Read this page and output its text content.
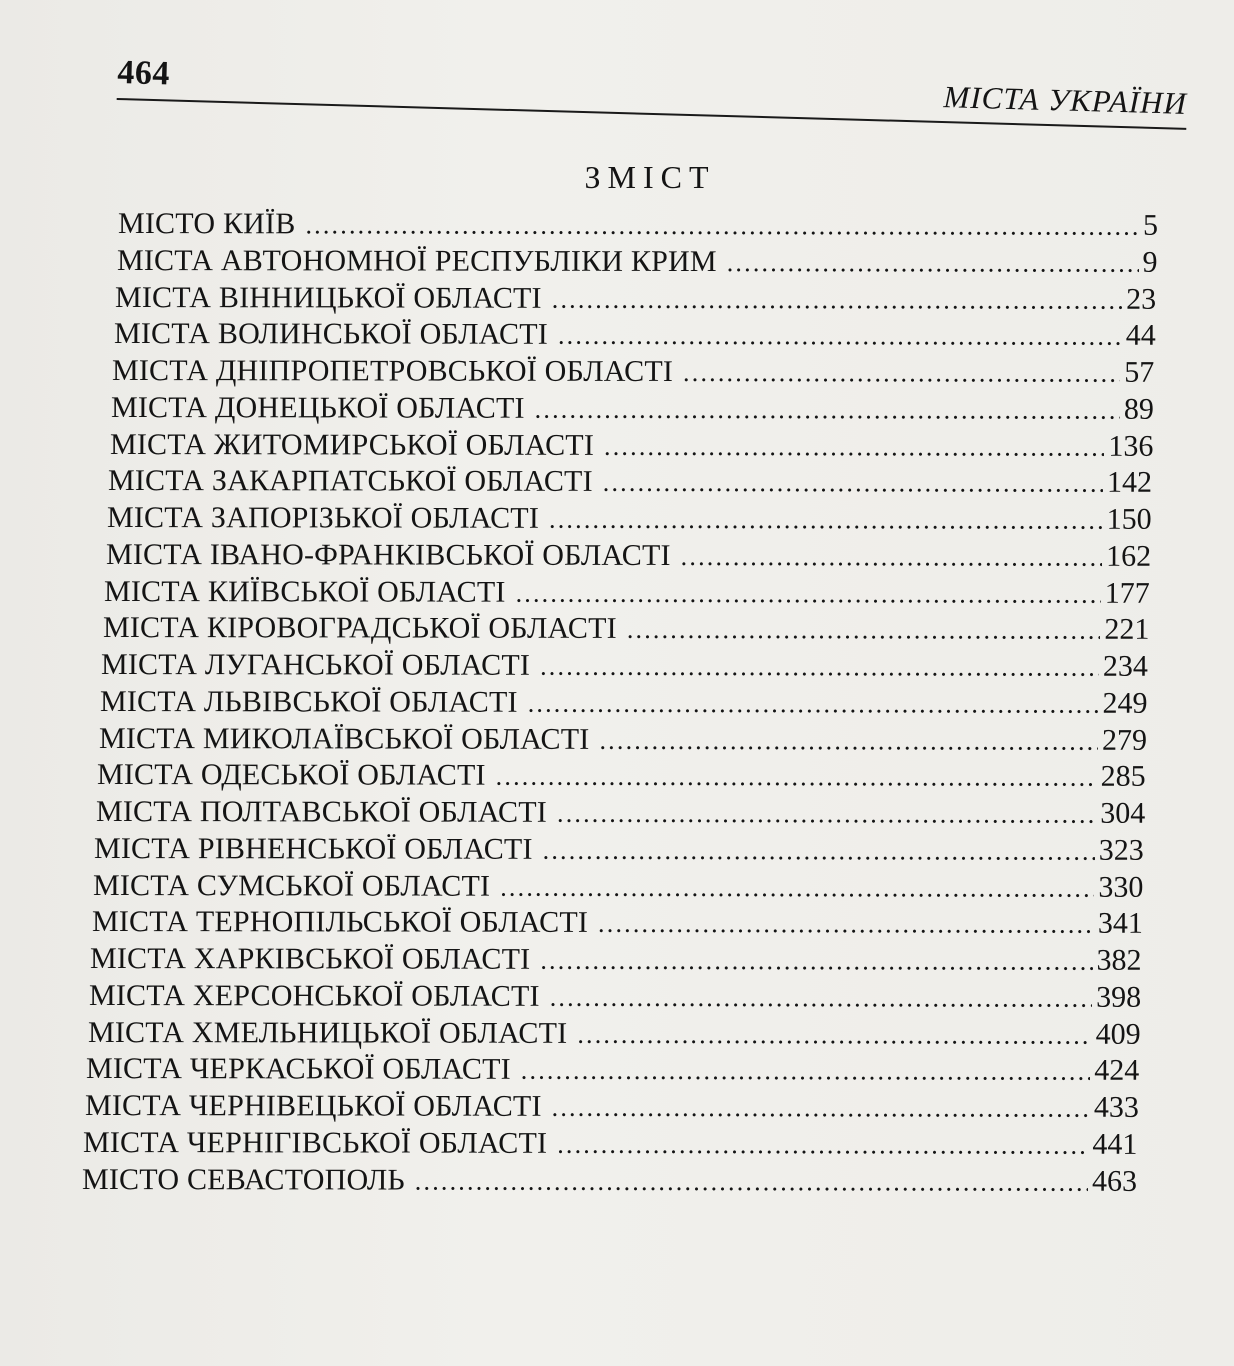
464
МІСТА УКРАЇНИ
ЗМІСТ
МІСТО КИЇВ .....	5
МІСТА АВТОНОМНОЇ РЕСПУБЛІКИ КРИМ .....	9
МІСТА ВІННИЦЬКОЇ ОБЛАСТІ .....	23
МІСТА ВОЛИНСЬКОЇ ОБЛАСТІ .....	44
МІСТА ДНІПРОПЕТРОВСЬКОЇ ОБЛАСТІ .....	57
МІСТА ДОНЕЦЬКОЇ ОБЛАСТІ .....	89
МІСТА ЖИТОМИРСЬКОЇ ОБЛАСТІ .....	136
МІСТА ЗАКАРПАТСЬКОЇ ОБЛАСТІ .....	142
МІСТА ЗАПОРІЗЬКОЇ ОБЛАСТІ .....	150
МІСТА ІВАНО-ФРАНКІВСЬКОЇ ОБЛАСТІ .....	162
МІСТА КИЇВСЬКОЇ ОБЛАСТІ .....	177
МІСТА КІРОВОГРАДСЬКОЇ ОБЛАСТІ .....	221
МІСТА ЛУГАНСЬКОЇ ОБЛАСТІ .....	234
МІСТА ЛЬВІВСЬКОЇ ОБЛАСТІ .....	249
МІСТА МИКОЛАЇВСЬКОЇ ОБЛАСТІ .....	279
МІСТА ОДЕСЬКОЇ ОБЛАСТІ .....	285
МІСТА ПОЛТАВСЬКОЇ ОБЛАСТІ .....	304
МІСТА РІВНЕНСЬКОЇ ОБЛАСТІ .....	323
МІСТА СУМСЬКОЇ ОБЛАСТІ .....	330
МІСТА ТЕРНОПІЛЬСЬКОЇ ОБЛАСТІ .....	341
МІСТА ХАРКІВСЬКОЇ ОБЛАСТІ .....	382
МІСТА ХЕРСОНСЬКОЇ ОБЛАСТІ .....	398
МІСТА ХМЕЛЬНИЦЬКОЇ ОБЛАСТІ .....	409
МІСТА ЧЕРКАСЬКОЇ ОБЛАСТІ .....	424
МІСТА ЧЕРНІВЕЦЬКОЇ ОБЛАСТІ .....	433
МІСТА ЧЕРНІГІВСЬКОЇ ОБЛАСТІ .....	441
МІСТО СЕВАСТОПОЛЬ .....	463
